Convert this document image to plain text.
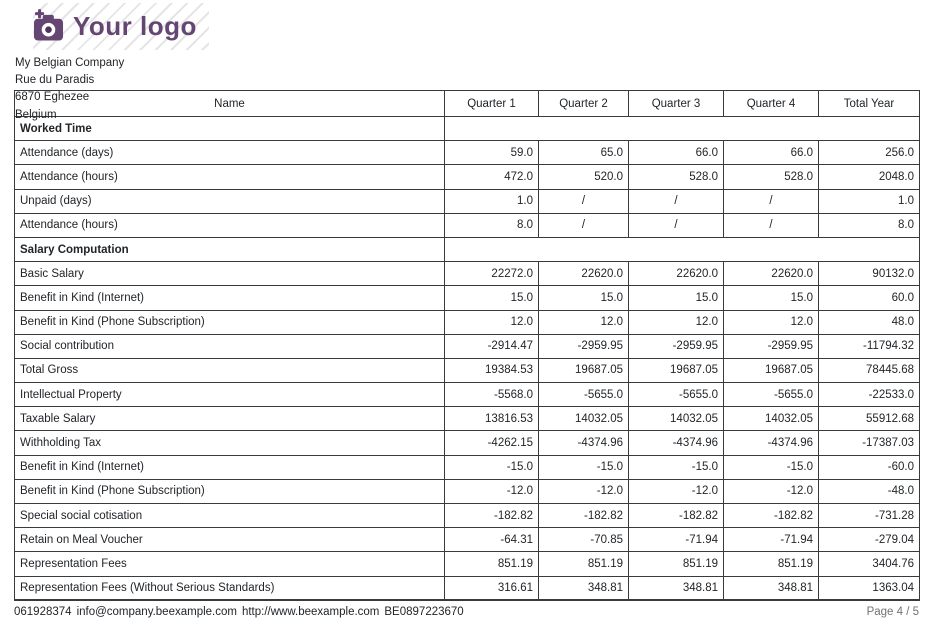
Your logo
My Belgian Company
Rue du Paradis
6870 Eghezee
Belgium
Name	Quarter 1	Quarter 2	Quarter 3	Quarter 4	Total Year
Worked Time					
Attendance (days)	59.0	65.0	66.0	66.0	256.0
Attendance (hours)	472.0	520.0	528.0	528.0	2048.0
Unpaid (days)	1.0	/	/	/	1.0
Attendance (hours)	8.0	/	/	/	8.0
Salary Computation					
Basic Salary	22272.0	22620.0	22620.0	22620.0	90132.0
Benefit in Kind (Internet)	15.0	15.0	15.0	15.0	60.0
Benefit in Kind (Phone Subscription)	12.0	12.0	12.0	12.0	48.0
Social contribution	-2914.47	-2959.95	-2959.95	-2959.95	-11794.32
Total Gross	19384.53	19687.05	19687.05	19687.05	78445.68
Intellectual Property	-5568.0	-5655.0	-5655.0	-5655.0	-22533.0
Taxable Salary	13816.53	14032.05	14032.05	14032.05	55912.68
Withholding Tax	-4262.15	-4374.96	-4374.96	-4374.96	-17387.03
Benefit in Kind (Internet)	-15.0	-15.0	-15.0	-15.0	-60.0
Benefit in Kind (Phone Subscription)	-12.0	-12.0	-12.0	-12.0	-48.0
Special social cotisation	-182.82	-182.82	-182.82	-182.82	-731.28
Retain on Meal Voucher	-64.31	-70.85	-71.94	-71.94	-279.04
Representation Fees	851.19	851.19	851.19	851.19	3404.76
Representation Fees (Without Serious Standards)	316.61	348.81	348.81	348.81	1363.04
061928374 info@company.beexample.com http://www.beexample.com BE0897223670	Page 4 / 5
